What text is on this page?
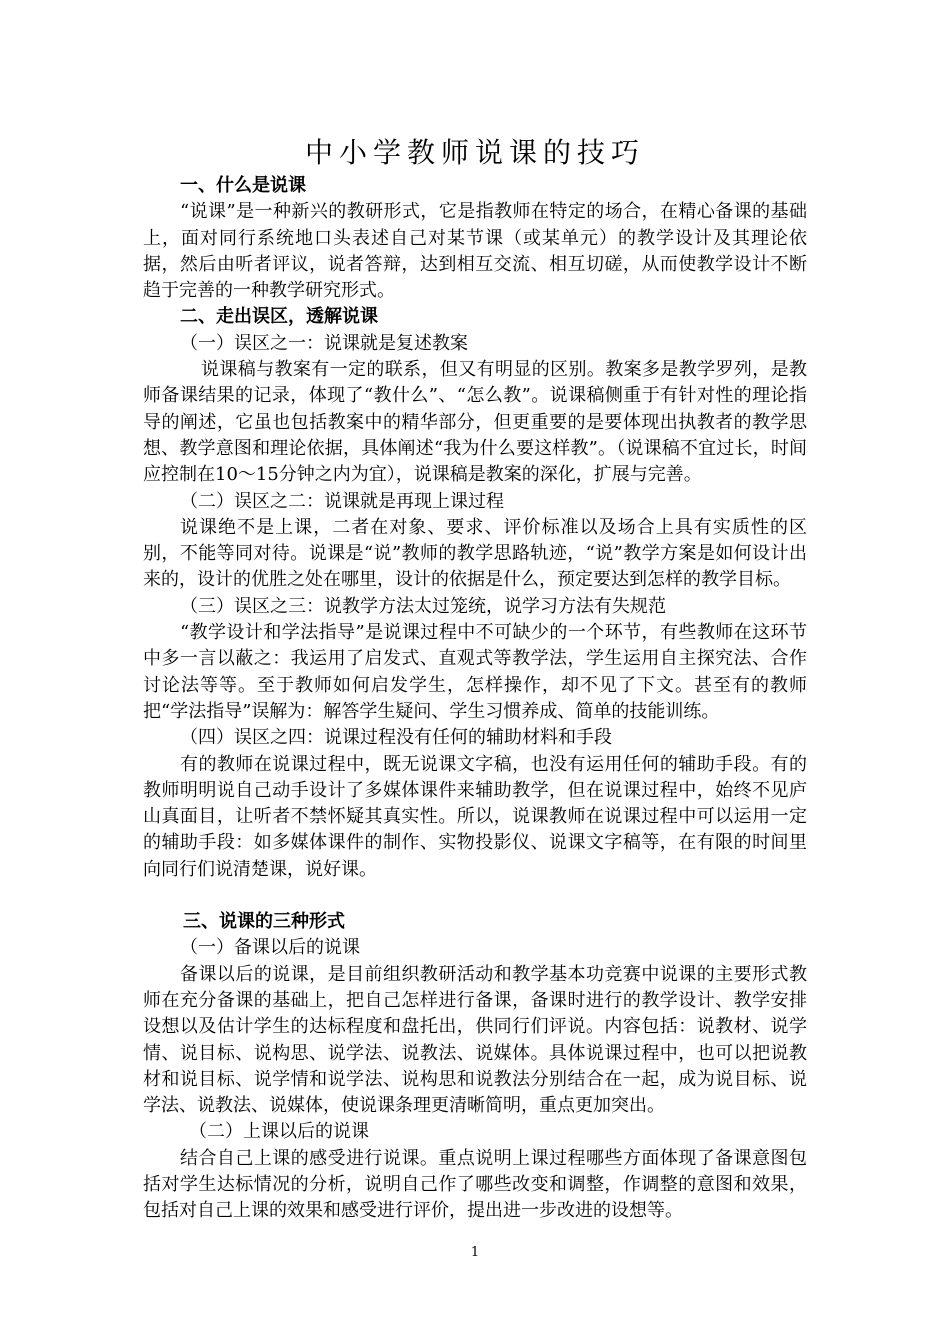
中小学教师说课的技巧

一、什么是说课

“说课”是一种新兴的教研形式，它是指教师在特定的场合，在精心备课的基础上，面对同行系统地口头表述自己对某节课（或某单元）的教学设计及其理论依据，然后由听者评议，说者答辩，达到相互交流、相互切磋，从而使教学设计不断趋于完善的一种教学研究形式。

二、走出误区，透解说课

（一）误区之一：说课就是复述教案

说课稿与教案有一定的联系，但又有明显的区别。教案多是教学罗列，是教师备课结果的记录，体现了“教什么”、“怎么教”。说课稿侧重于有针对性的理论指导的阐述，它虽也包括教案中的精华部分，但更重要的是要体现出执教者的教学思想、教学意图和理论依据，具体阐述“我为什么要这样教”。（说课稿不宜过长，时间应控制在10～15分钟之内为宜），说课稿是教案的深化，扩展与完善。

（二）误区之二：说课就是再现上课过程

说课绝不是上课，二者在对象、要求、评价标准以及场合上具有实质性的区别，不能等同对待。说课是“说”教师的教学思路轨迹，“说”教学方案是如何设计出来的，设计的优胜之处在哪里，设计的依据是什么，预定要达到怎样的教学目标。

（三）误区之三：说教学方法太过笼统，说学习方法有失规范

“教学设计和学法指导”是说课过程中不可缺少的一个环节，有些教师在这环节中多一言以蔽之：我运用了启发式、直观式等教学法，学生运用自主探究法、合作讨论法等等。至于教师如何启发学生，怎样操作，却不见了下文。甚至有的教师把“学法指导”误解为：解答学生疑问、学生习惯养成、简单的技能训练。

（四）误区之四：说课过程没有任何的辅助材料和手段

有的教师在说课过程中，既无说课文字稿，也没有运用任何的辅助手段。有的教师明明说自己动手设计了多媒体课件来辅助教学，但在说课过程中，始终不见庐山真面目，让听者不禁怀疑其真实性。所以，说课教师在说课过程中可以运用一定的辅助手段：如多媒体课件的制作、实物投影仪、说课文字稿等，在有限的时间里向同行们说清楚课，说好课。

三、说课的三种形式

（一）备课以后的说课

备课以后的说课，是目前组织教研活动和教学基本功竞赛中说课的主要形式教师在充分备课的基础上，把自己怎样进行备课，备课时进行的教学设计、教学安排设想以及估计学生的达标程度和盘托出，供同行们评说。内容包括：说教材、说学情、说目标、说构思、说学法、说教法、说媒体。具体说课过程中，也可以把说教材和说目标、说学情和说学法、说构思和说教法分别结合在一起，成为说目标、说学法、说教法、说媒体，使说课条理更清晰简明，重点更加突出。

（二）上课以后的说课

结合自己上课的感受进行说课。重点说明上课过程哪些方面体现了备课意图包括对学生达标情况的分析，说明自己作了哪些改变和调整，作调整的意图和效果，包括对自己上课的效果和感受进行评价，提出进一步改进的设想等。

1
